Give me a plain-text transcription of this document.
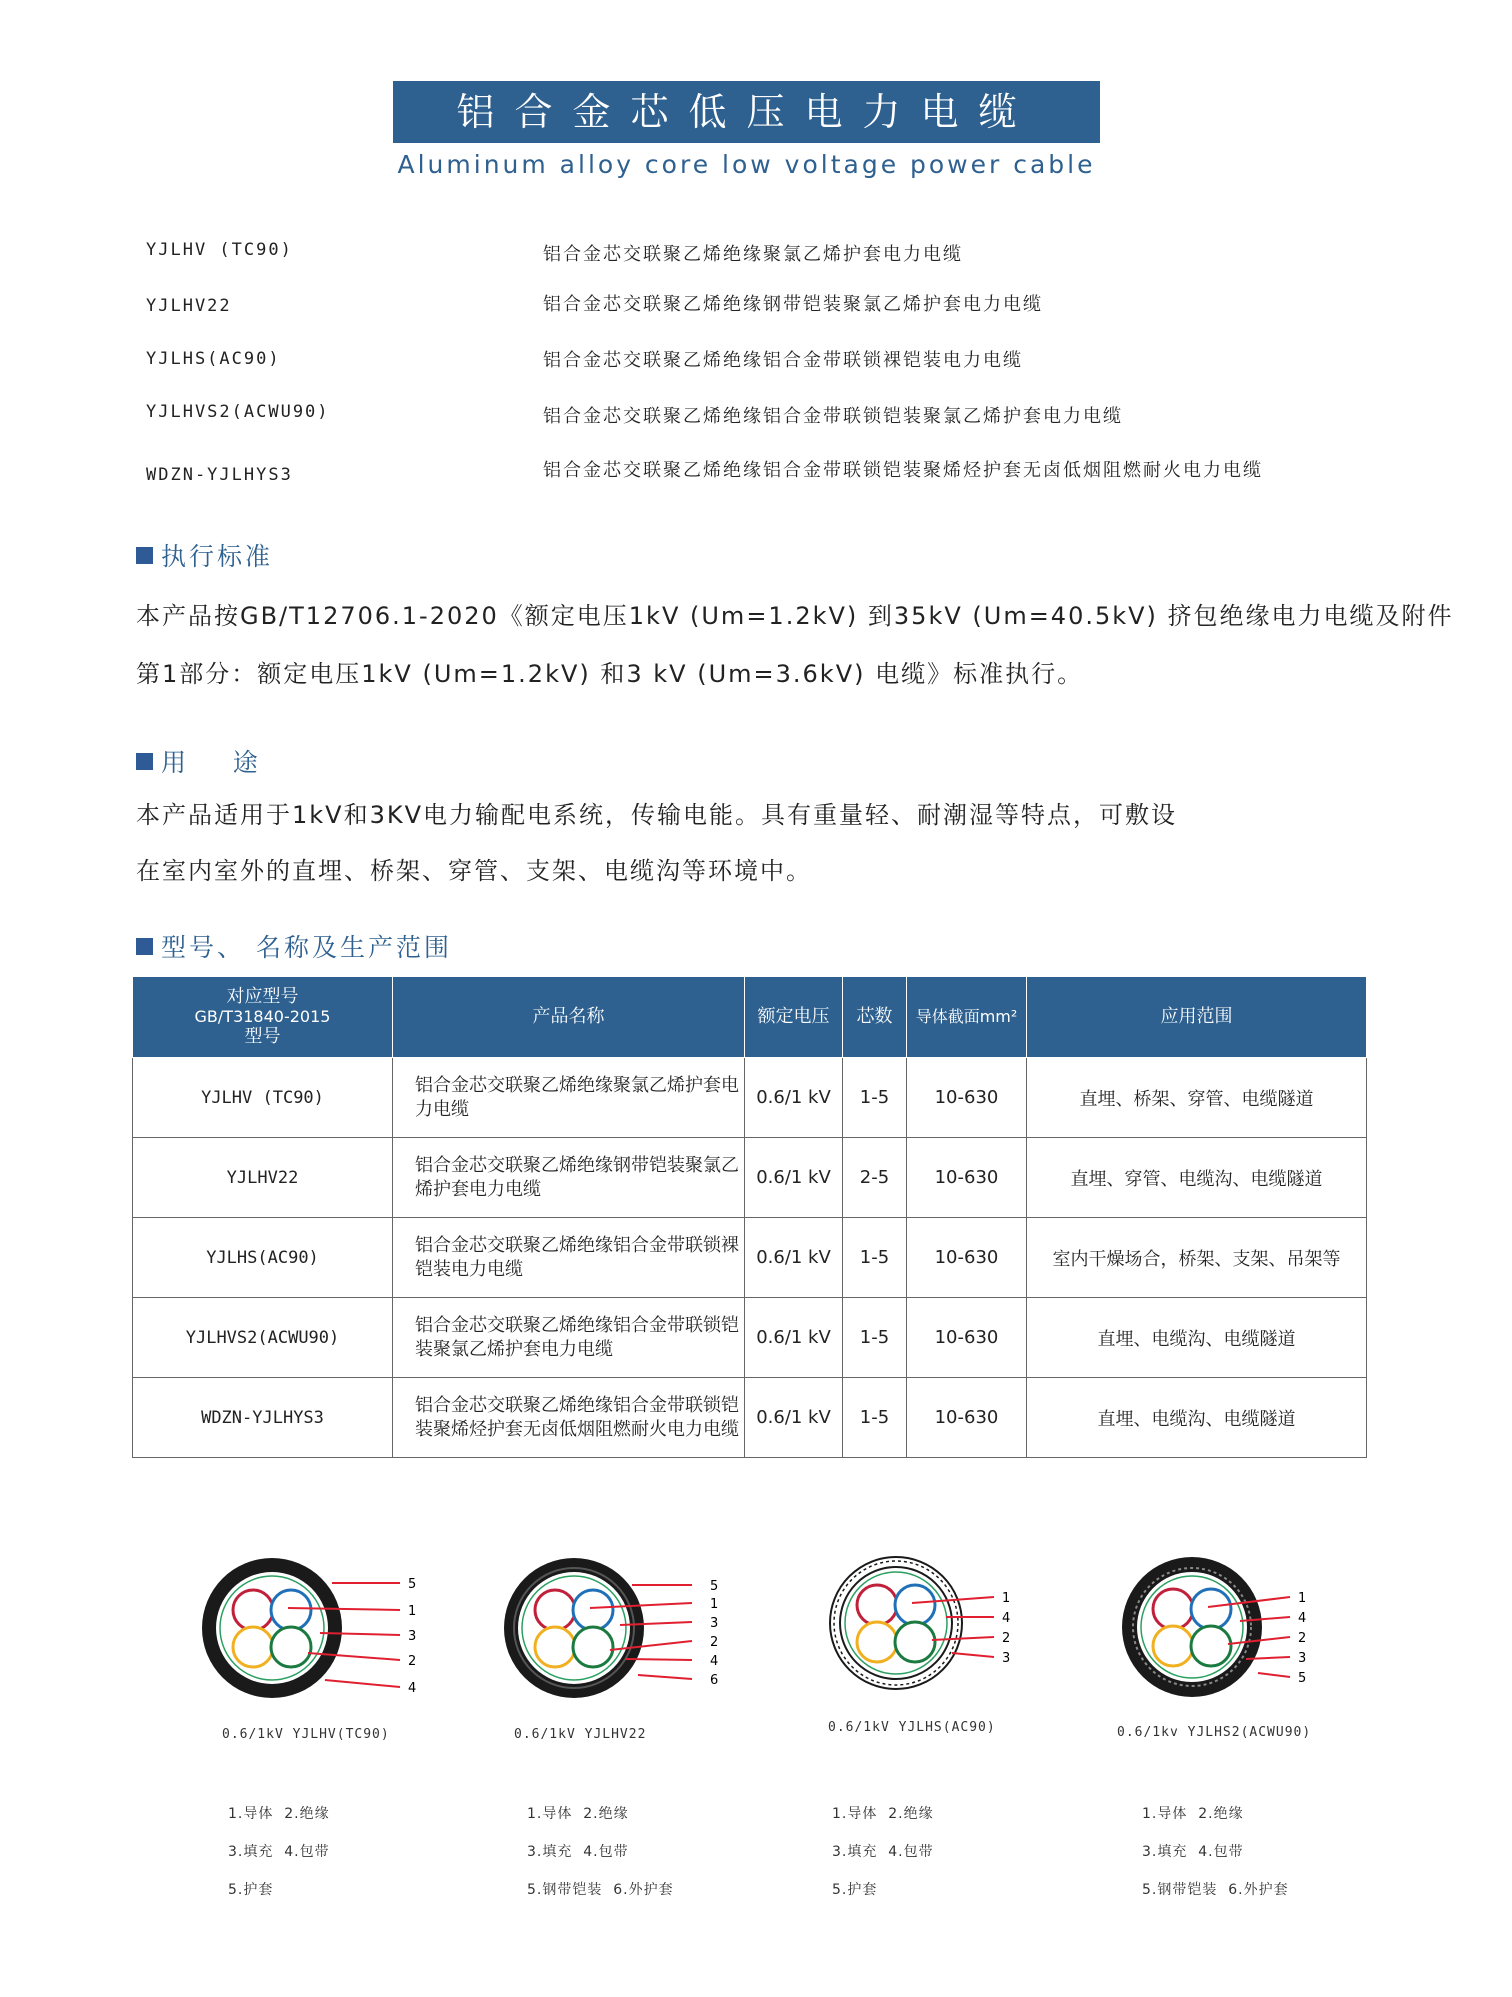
铝合金芯低压电力电缆
Aluminum alloy core low voltage power cable
YJLHV (TC90)	铝合金芯交联聚乙烯绝缘聚氯乙烯护套电力电缆
YJLHV22	铝合金芯交联聚乙烯绝缘钢带铠装聚氯乙烯护套电力电缆
YJLHS(AC90)	铝合金芯交联聚乙烯绝缘铝合金带联锁裸铠装电力电缆
YJLHVS2(ACWU90)	铝合金芯交联聚乙烯绝缘铝合金带联锁铠装聚氯乙烯护套电力电缆
WDZN-YJLHYS3	铝合金芯交联聚乙烯绝缘铝合金带联锁铠装聚烯烃护套无卤低烟阻燃耐火电力电缆
执行标准
本产品按GB/T12706.1-2020《额定电压1kV (Um=1.2kV) 到35kV (Um=40.5kV) 挤包绝缘电力电缆及附件
第1部分：额定电压1kV (Um=1.2kV) 和3 kV (Um=3.6kV) 电缆》标准执行。
用    途
本产品适用于1kV和3KV电力输配电系统，传输电能。具有重量轻、耐潮湿等特点，可敷设
在室内室外的直埋、桥架、穿管、支架、电缆沟等环境中。
型号、 名称及生产范围
对应型号
GB/T31840-2015
型号	产品名称	额定电压	芯数	导体截面mm²	应用范围
YJLHV (TC90)	铝合金芯交联聚乙烯绝缘聚氯乙烯护套电力电缆	0.6/1 kV	1-5	10-630	直埋、桥架、穿管、电缆隧道
YJLHV22	铝合金芯交联聚乙烯绝缘钢带铠装聚氯乙烯护套电力电缆	0.6/1 kV	2-5	10-630	直埋、穿管、电缆沟、电缆隧道
YJLHS(AC90)	铝合金芯交联聚乙烯绝缘铝合金带联锁裸铠装电力电缆	0.6/1 kV	1-5	10-630	室内干燥场合，桥架、支架、吊架等
YJLHVS2(ACWU90)	铝合金芯交联聚乙烯绝缘铝合金带联锁铠装聚氯乙烯护套电力电缆	0.6/1 kV	1-5	10-630	直埋、电缆沟、电缆隧道
WDZN-YJLHYS3	铝合金芯交联聚乙烯绝缘铝合金带联锁铠装聚烯烃护套无卤低烟阻燃耐火电力电缆	0.6/1 kV	1-5	10-630	直埋、电缆沟、电缆隧道
5
1
3
2
4
0.6/1kV YJLHV(TC90)
1.导体  2.绝缘
3.填充  4.包带
5.护套
5
1
3
2
4
6
0.6/1kV YJLHV22
1.导体  2.绝缘
3.填充  4.包带
5.钢带铠装  6.外护套
1
4
2
3
0.6/1kV YJLHS(AC90)
1.导体  2.绝缘
3.填充  4.包带
5.护套
1
4
2
3
5
0.6/1kv YJLHS2(ACWU90)
1.导体  2.绝缘
3.填充  4.包带
5.钢带铠装  6.外护套
